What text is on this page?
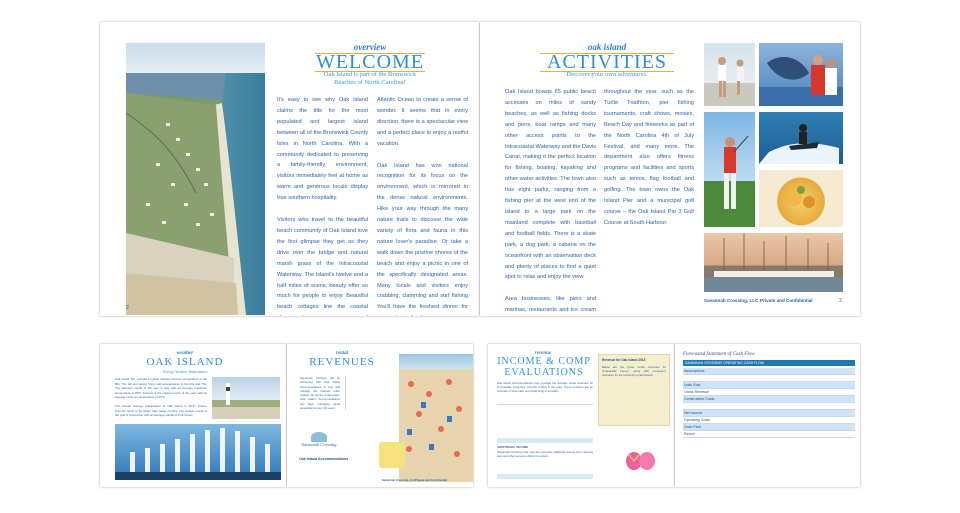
overview
WELCOME
Oak Island is part of the Brunswick Beaches of North Carolina!
It's easy to see why Oak Island claims the title for the most populated and largest island between all of the Brunswick County Isles in North Carolina. With a community dedicated to preserving a family-friendly environment, visitors immediately feel at home as warm and generous locals display true southern hospitality.
Visitors who travel to the beautiful beach community of Oak Island love the first glimpse they get as they drive over the bridge and natural marsh grass of the Intracoastal Waterway. The island's twelve and a half miles of scenic beauty offer so much for people to enjoy. Beautiful beach cottages line the coastal
Atlantic Ocean to create a sense of wonder. It seems that in every direction, there is a spectacular view and a perfect place to enjoy a restful vacation.
Oak Island has won national recognition for its focus on the environment, which is mirrored in the dense natural environments. Hike your way through the many nature trails to discover the wide variety of flora and fauna in this nature lover's paradise. Or take a walk down the pristine shores of the beach and enjoy a picnic in one of the specifically designated areas. Many locals and visitors enjoy crabbing, clamming and surf fishing You'll have the freshest dinner for
2
oak island
ACTIVITIES
Discover your own adventures.
Oak Island boasts 65 public beach accesses on miles of sandy beaches, as well as fishing docks and piers, boat ramps and many other access points to the Intracoastal Waterway and the Davis Canal, making it the perfect location for fishing, boating, kayaking and other water activities. The town also has eight parks, ranging from a fishing pier at the west end of the island to a large park on the mainland complete with baseball and football fields. There is a skate park, a dog park, a cabana on the oceanfront with an observation deck and plenty of places to find a quiet spot to relax and enjoy the view.
Area businesses, like piers and marinas, restaurants and ice cream
throughout the year, such as the Turtle Triathlon, pier fishing tournaments, craft shows, movies, Beach Day and fireworks as part of the North Carolina 4th of July Festival, and many more. The department also offers fitness programs and facilities and sports such as tennis, flag football and golfing. The town owns the Oak Island Pier and a municipal golf course – the Oak Island Par 3 Golf Course at South Harbour.
Savannah Crossing, LLC Private and Confidential	2
weather
OAK ISLAND
Average Weather Temperatures
Oak Island, NC, records a typical mid-day summer temperature in the 80s. The fall and spring bring mild temperatures in the 60s and 70s. The warmest month of the year is July with an average maximum temperature of 89°F. January is the coldest month of the year, with an average minimum temperature of 35°F.
The annual average precipitation at Oak Island is 56.97 inches. Summer tends to be wetter than winter months. The wettest month of the year is September with an average rainfall of 6.36 inches.
rental
REVENUES
Savannah Crossing will be partnering with Oak Island Accommodations to rent and manage the finished units, making the homes rental ready. Oak Island Accommodations has been managing rental properties for over 20 years.
Savannah Crossing
Oak Island Accommodations
Savannah Crossing, LLC Private and Confidential
revenue
INCOME & COMP
EVALUATIONS
Oak Island Accommodations has provided the average rental revenues for comparable properties currently renting in the area. These numbers are an estimate of what each unit could bring in annually.
ADDITIONAL INCOME
Savannah Crossing units may also generate additional income from cleaning fees and other services offered to renters.
Revenue for Oak Island 2013
Below are the gross rental revenues for comparable homes, along with occupancy estimates for the upcoming rental season.
Forecasted Statement of Cash Flow
SAVANNAH CROSSING OPERATING CASH FLOW
Assumptions						

Units Sold						
Gross Revenue						
Construction Costs						

Net Income						
Operating Costs						
Cash Flow						
Return						
